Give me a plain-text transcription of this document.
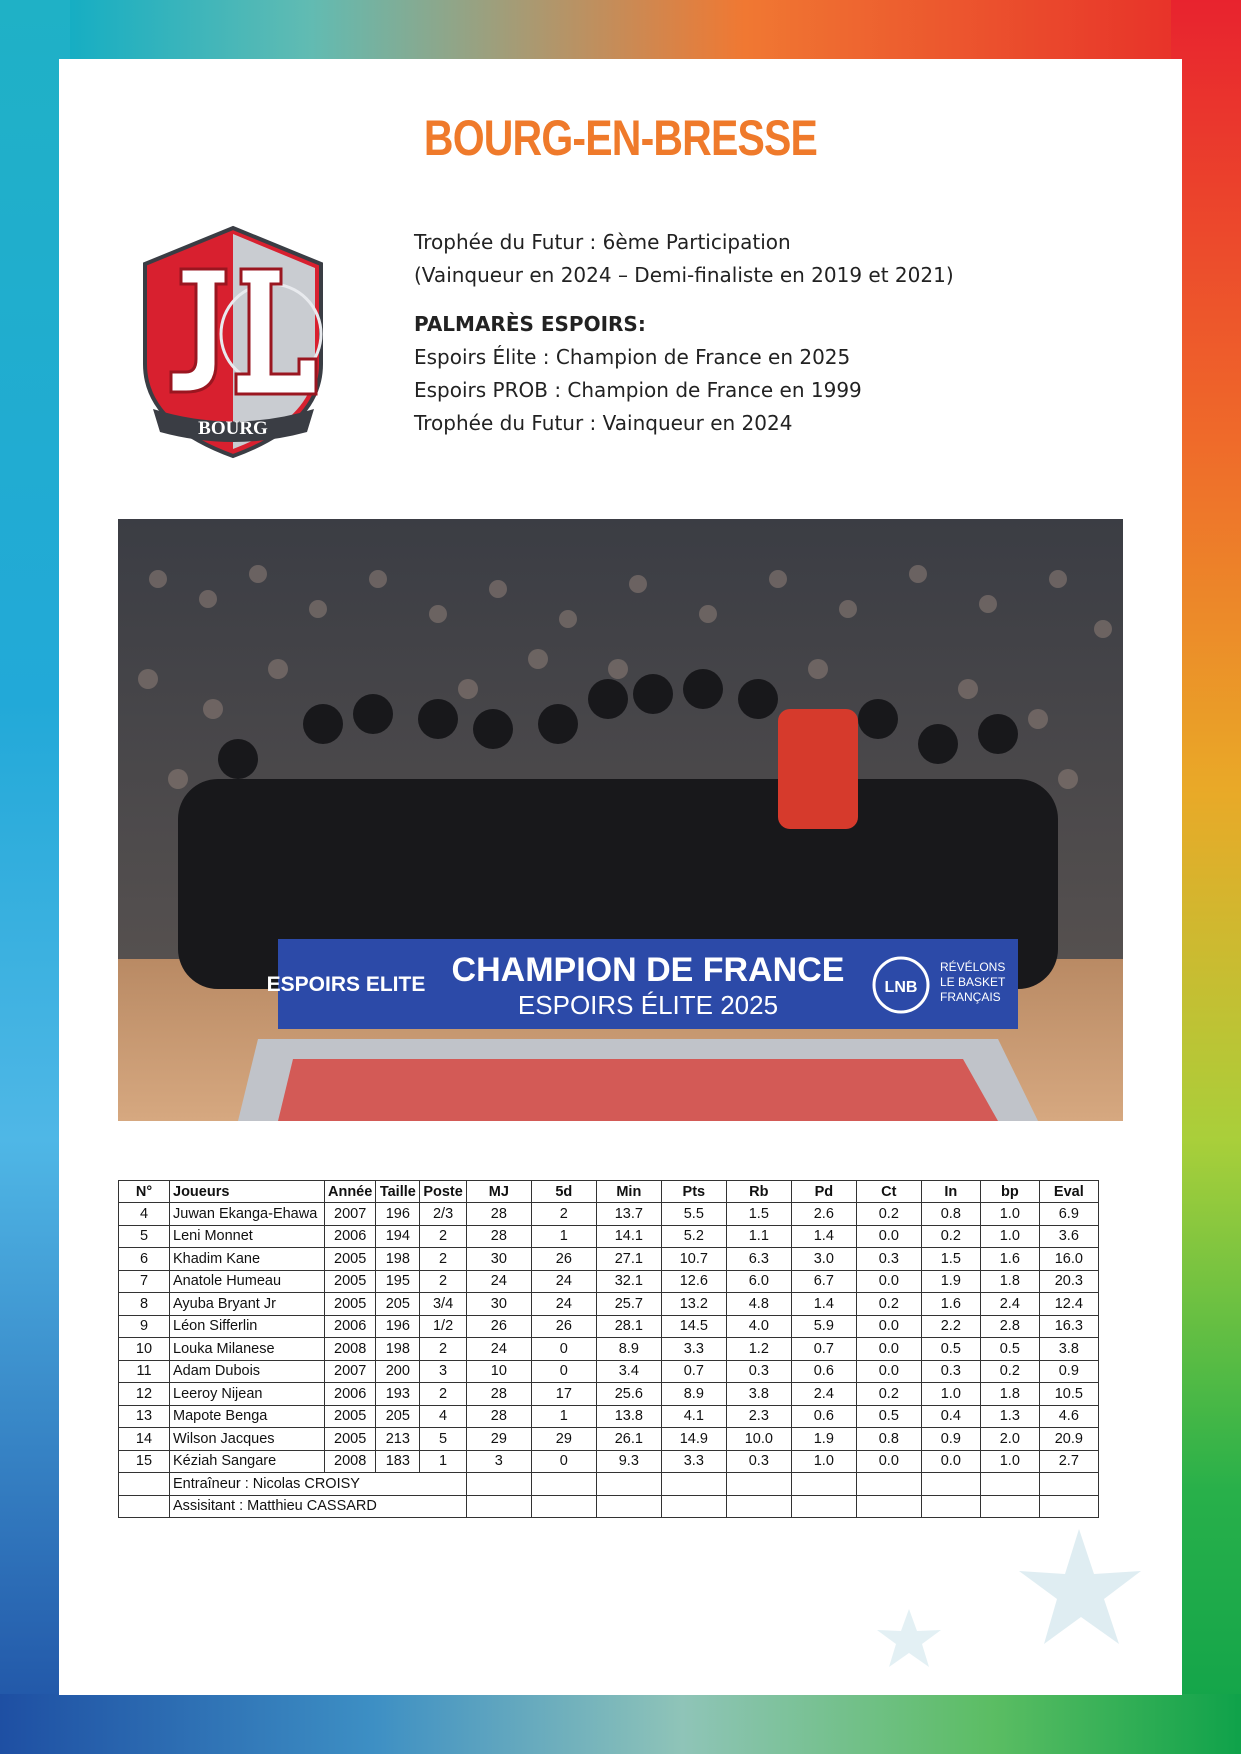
BOURG-EN-BRESSE
BOURG
Trophée du Futur : 6ème Participation
(Vainqueur en 2024 – Demi-finaliste en 2019 et 2021)
PALMARÈS ESPOIRS:
Espoirs Élite : Champion de France en 2025
Espoirs PROB : Champion de France en 1999
Trophée du Futur : Vainqueur en 2024
ESPOIRS ELITE CHAMPION DE FRANCE
ESPOIRS ÉLITE 2025
LNB
RÉVÉLONS
LE BASKET
FRANÇAIS
N°	Joueurs	Année	Taille	Poste	MJ	5d	Min	Pts	Rb	Pd	Ct	In	bp	Eval
4	Juwan Ekanga-Ehawa	2007	196	2/3	28	2	13.7	5.5	1.5	2.6	0.2	0.8	1.0	6.9
5	Leni Monnet	2006	194	2	28	1	14.1	5.2	1.1	1.4	0.0	0.2	1.0	3.6
6	Khadim Kane	2005	198	2	30	26	27.1	10.7	6.3	3.0	0.3	1.5	1.6	16.0
7	Anatole Humeau	2005	195	2	24	24	32.1	12.6	6.0	6.7	0.0	1.9	1.8	20.3
8	Ayuba Bryant Jr	2005	205	3/4	30	24	25.7	13.2	4.8	1.4	0.2	1.6	2.4	12.4
9	Léon Sifferlin	2006	196	1/2	26	26	28.1	14.5	4.0	5.9	0.0	2.2	2.8	16.3
10	Louka Milanese	2008	198	2	24	0	8.9	3.3	1.2	0.7	0.0	0.5	0.5	3.8
11	Adam Dubois	2007	200	3	10	0	3.4	0.7	0.3	0.6	0.0	0.3	0.2	0.9
12	Leeroy Nijean	2006	193	2	28	17	25.6	8.9	3.8	2.4	0.2	1.0	1.8	10.5
13	Mapote Benga	2005	205	4	28	1	13.8	4.1	2.3	0.6	0.5	0.4	1.3	4.6
14	Wilson Jacques	2005	213	5	29	29	26.1	14.9	10.0	1.9	0.8	0.9	2.0	20.9
15	Kéziah Sangare	2008	183	1	3	0	9.3	3.3	0.3	1.0	0.0	0.0	1.0	2.7
	Entraîneur : Nicolas CROISY													
	Assisitant : Matthieu CASSARD													
